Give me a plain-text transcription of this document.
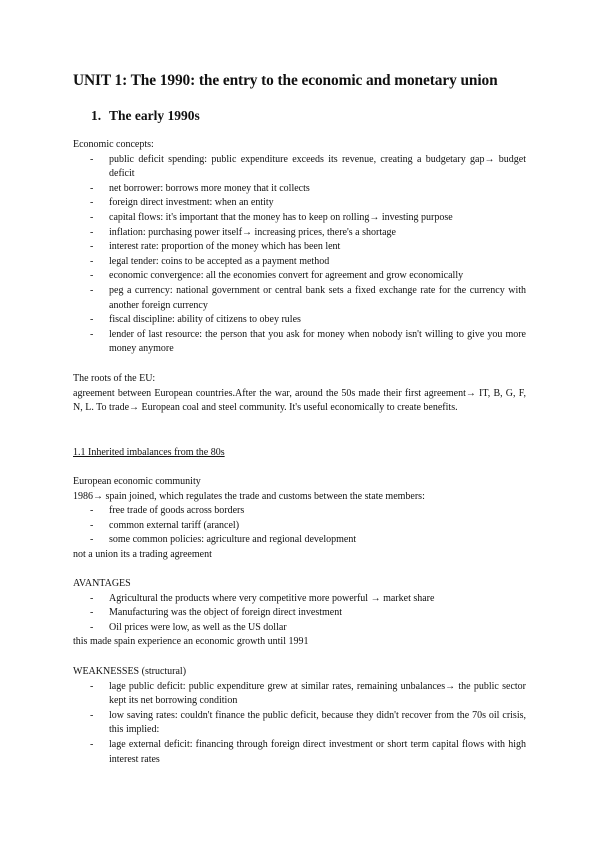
UNIT 1: The 1990: the entry to the economic and monetary union
1. The early 1990s
Economic concepts:
- public deficit spending: public expenditure exceeds its revenue, creating a budgetary gap→ budget deficit
- net borrower: borrows more money that it collects
- foreign direct investment: when an entity
- capital flows: it's important that the money has to keep on rolling→ investing purpose
- inflation: purchasing power itself→ increasing prices, there's a shortage
- interest rate: proportion of the money which has been lent
- legal tender: coins to be accepted as a payment method
- economic convergence: all the economies convert for agreement and grow economically
- peg a currency: national government or central bank sets a fixed exchange rate for the currency with another foreign currency
- fiscal discipline: ability of citizens to obey rules
- lender of last resource: the person that you ask for money when nobody isn't willing to give you more money anymore
The roots of the EU:
agreement between European countries.After the war, around the 50s made their first agreement→ IT, B, G, F, N, L. To trade→ European coal and steel community. It's useful economically to create benefits.
1.1 Inherited imbalances from the 80s
European economic community
1986→ spain joined, which regulates the trade and customs between the state members:
- free trade of goods across borders
- common external tariff (arancel)
- some common policies: agriculture and regional development
not a union its a trading agreement
AVANTAGES
- Agricultural the products where very competitive more powerful → market share
- Manufacturing was the object of foreign direct investment
- Oil prices were low, as well as the US dollar
this made spain experience an economic growth until 1991
WEAKNESSES (structural)
- lage public deficit: public expenditure grew at similar rates, remaining unbalances→ the public sector kept its net borrowing condition
- low saving rates: couldn't finance the public deficit, because they didn't recover from the 70s oil crisis, this implied:
- lage external deficit: financing through foreign direct investment or short term capital flows with high interest rates
